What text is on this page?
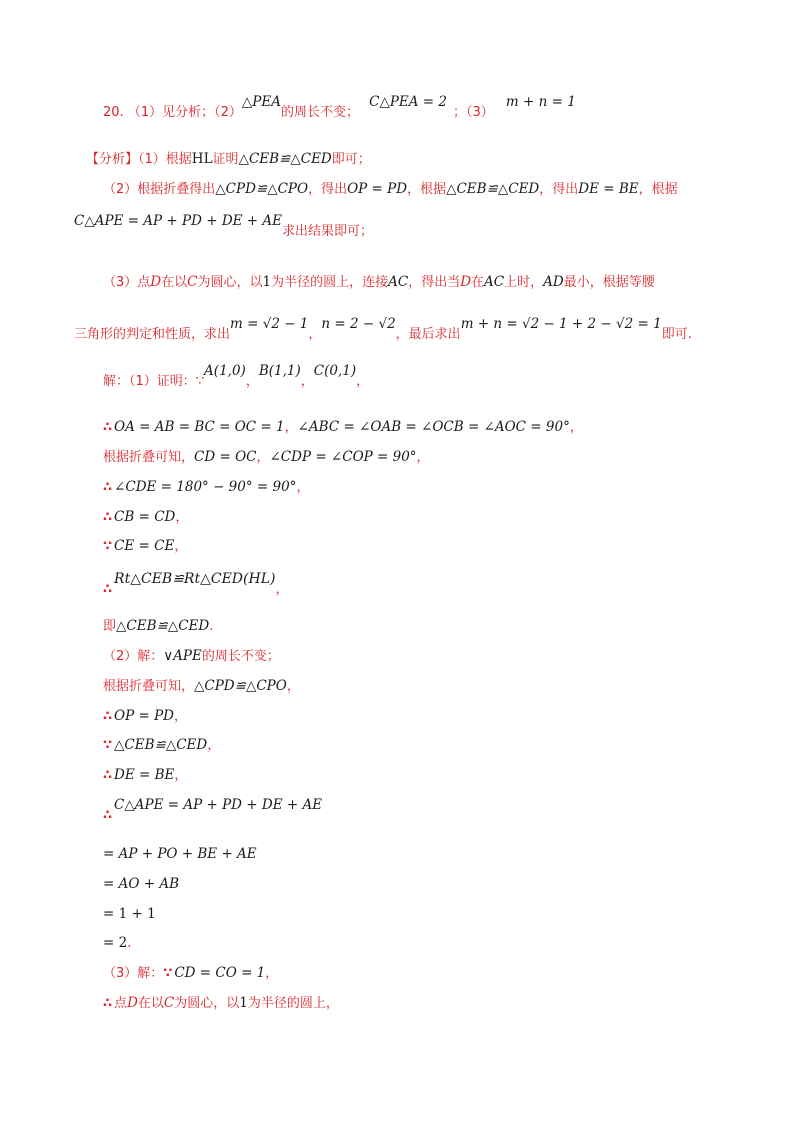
20. （1）见分析；（2）△PEA的周长不变； C△PEA = 2；（3） m + n = 1
【分析】（1）根据HL证明△CEB≌△CED即可；
（2）根据折叠得出△CPD≌△CPO，得出OP = PD，根据△CEB≌△CED，得出DE = BE，根据
C△APE = AP + PD + DE + AE求出结果即可；
（3）点D在以C为圆心，以1为半径的圆上，连接AC，得出当D在AC上时，AD最小，根据等腰
三角形的判定和性质，求出m = √2 − 1，n = 2 − √2，最后求出m + n = √2 − 1 + 2 − √2 = 1即可.
解：（1）证明：∵A(1,0)，B(1,1)，C(0,1)，
∴ OA = AB = BC = OC = 1，∠ABC = ∠OAB = ∠OCB = ∠AOC = 90°，
根据折叠可知，CD = OC，∠CDP = ∠COP = 90°，
∴ ∠CDE = 180° − 90° = 90°，
∴ CB = CD，
∵ CE = CE，
∴Rt△CEB≌Rt△CED(HL)，
即△CEB≌△CED.
（2）解：∨APE的周长不变；
根据折叠可知，△CPD≌△CPO，
∴ OP = PD，
∵ △CEB≌△CED，
∴ DE = BE，
∴C△APE = AP + PD + DE + AE
= AP + PO + BE + AE
= AO + AB
= 1 + 1
= 2.
（3）解：∵ CD = CO = 1，
∴ 点D在以C为圆心，以1为半径的圆上，
